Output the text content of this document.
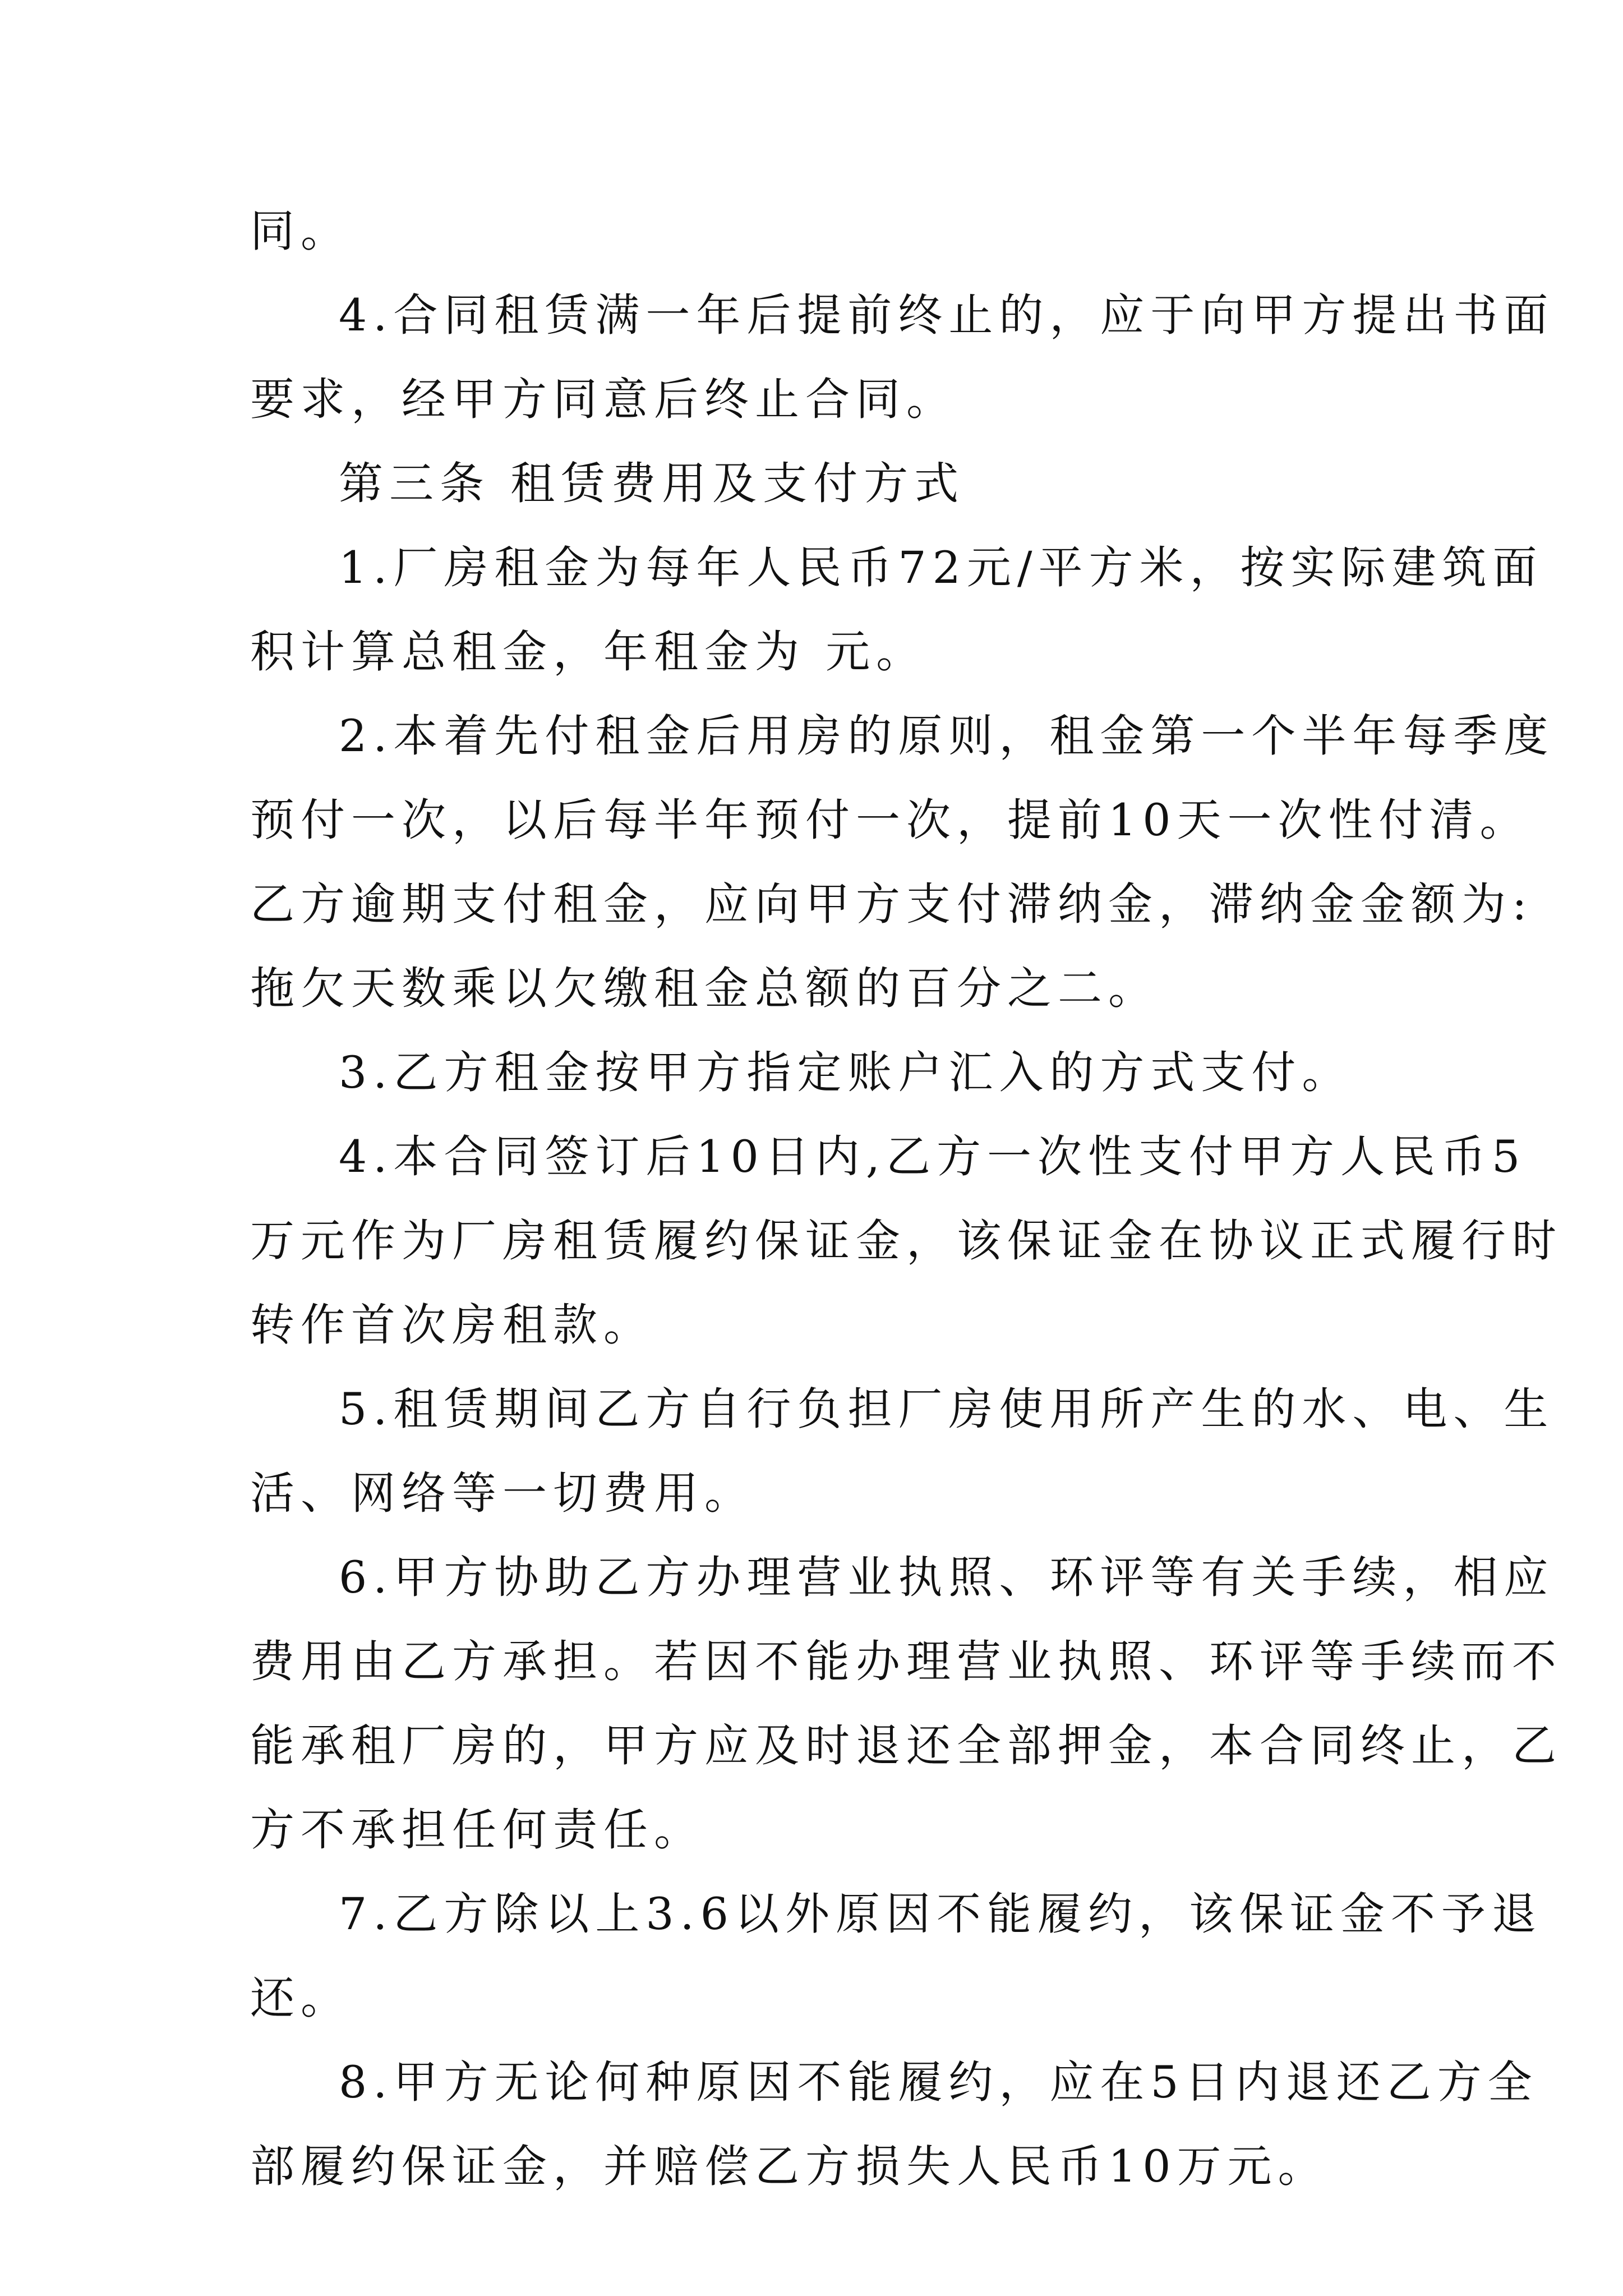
同。
4.合同租赁满一年后提前终止的，应于向甲方提出书面
要求，经甲方同意后终止合同。
第三条 租赁费用及支付方式
1.厂房租金为每年人民币72元/平方米，按实际建筑面
积计算总租金，年租金为 元。
2.本着先付租金后用房的原则，租金第一个半年每季度
预付一次，以后每半年预付一次，提前10天一次性付清。
乙方逾期支付租金，应向甲方支付滞纳金，滞纳金金额为:
拖欠天数乘以欠缴租金总额的百分之二。
3.乙方租金按甲方指定账户汇入的方式支付。
4.本合同签订后10日内,乙方一次性支付甲方人民币5
万元作为厂房租赁履约保证金，该保证金在协议正式履行时
转作首次房租款。
5.租赁期间乙方自行负担厂房使用所产生的水、电、生
活、网络等一切费用。
6.甲方协助乙方办理营业执照、环评等有关手续，相应
费用由乙方承担。若因不能办理营业执照、环评等手续而不
能承租厂房的，甲方应及时退还全部押金，本合同终止，乙
方不承担任何责任。
7.乙方除以上3.6以外原因不能履约，该保证金不予退
还。
8.甲方无论何种原因不能履约，应在5日内退还乙方全
部履约保证金，并赔偿乙方损失人民币10万元。
